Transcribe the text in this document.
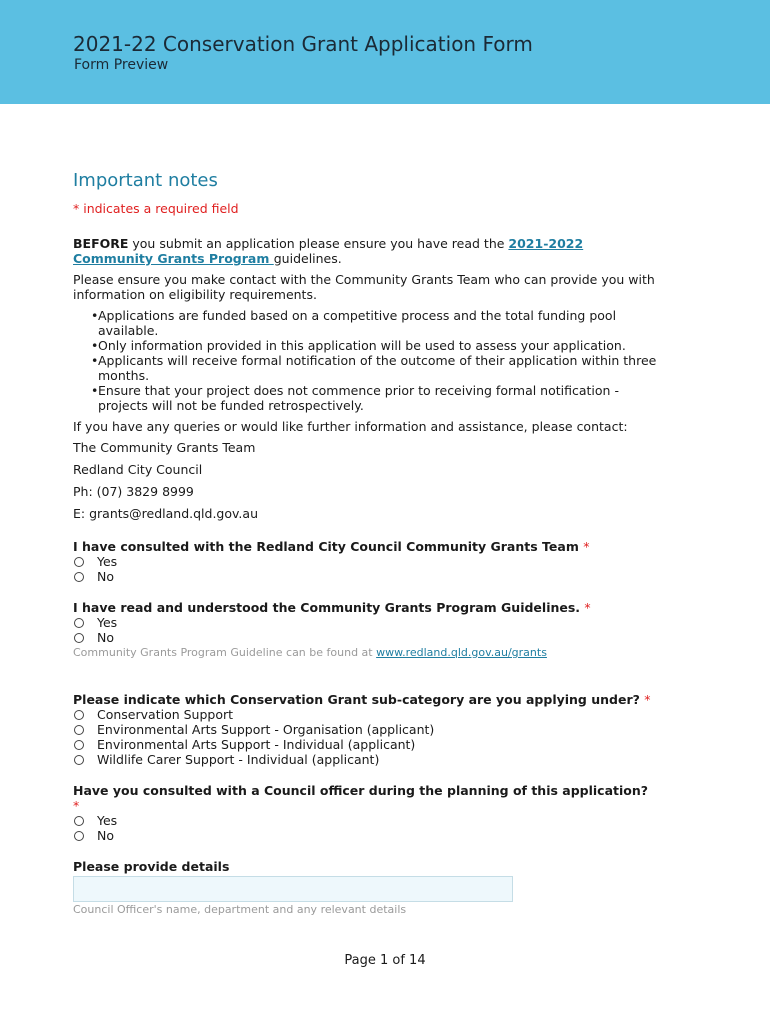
2021-22 Conservation Grant Application Form
Form Preview
Important notes
* indicates a required field
BEFORE you submit an application please ensure you have read the 2021-2022 Community Grants Program guidelines.
Please ensure you make contact with the Community Grants Team who can provide you with information on eligibility requirements.
• Applications are funded based on a competitive process and the total funding pool available.
• Only information provided in this application will be used to assess your application.
• Applicants will receive formal notification of the outcome of their application within three months.
• Ensure that your project does not commence prior to receiving formal notification - projects will not be funded retrospectively.
If you have any queries or would like further information and assistance, please contact:
The Community Grants Team
Redland City Council
Ph: (07) 3829 8999
E: grants@redland.qld.gov.au
I have consulted with the Redland City Council Community Grants Team *
Yes
No
I have read and understood the Community Grants Program Guidelines. *
Yes
No
Community Grants Program Guideline can be found at www.redland.qld.gov.au/grants
Please indicate which Conservation Grant sub-category are you applying under? *
Conservation Support
Environmental Arts Support - Organisation (applicant)
Environmental Arts Support - Individual (applicant)
Wildlife Carer Support - Individual (applicant)
Have you consulted with a Council officer during the planning of this application?
*
Yes
No
Please provide details
Council Officer's name, department and any relevant details
Page 1 of 14
